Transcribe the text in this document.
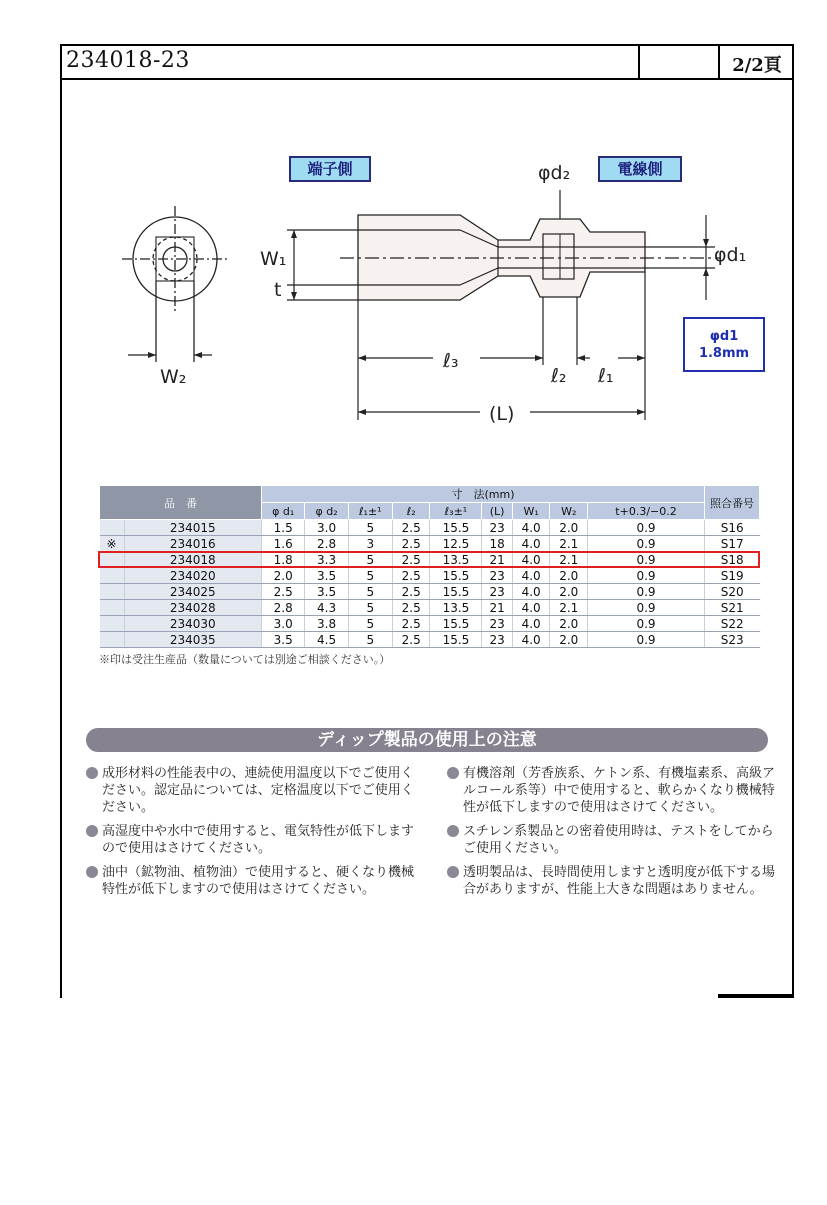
234018-23	2/2頁
端子側	電線側
W₁
t
W₂
φd₁
φd₂
ℓ₃
ℓ₂ ℓ₁
(L)
φd1
1.8mm
品　番		寸　法(mm)									照合番号
		φ d₁	φ d₂	ℓ₁±¹	ℓ₂	ℓ₃±¹	(L)	W₁	W₂	t+0.3/−0.2	
	234015	1.5	3.0	5	2.5	15.5	23	4.0	2.0	0.9	S16
※	234016	1.6	2.8	3	2.5	12.5	18	4.0	2.1	0.9	S17
	234018	1.8	3.3	5	2.5	13.5	21	4.0	2.1	0.9	S18
	234020	2.0	3.5	5	2.5	15.5	23	4.0	2.0	0.9	S19
	234025	2.5	3.5	5	2.5	15.5	23	4.0	2.0	0.9	S20
	234028	2.8	4.3	5	2.5	13.5	21	4.0	2.1	0.9	S21
	234030	3.0	3.8	5	2.5	15.5	23	4.0	2.0	0.9	S22
	234035	3.5	4.5	5	2.5	15.5	23	4.0	2.0	0.9	S23
※印は受注生産品（数量については別途ご相談ください。）
ディップ製品の使用上の注意

成形材料の性能表中の、連続使用温度以下でご使用ください。認定品については、定格温度以下でご使用ください。

高湿度中や水中で使用すると、電気特性が低下しますので使用はさけてください。

油中（鉱物油、植物油）で使用すると、硬くなり機械特性が低下しますので使用はさけてください。

有機溶剤（芳香族系、ケトン系、有機塩素系、高級アルコール系等）中で使用すると、軟らかくなり機械特性が低下しますので使用はさけてください。

スチレン系製品との密着使用時は、テストをしてからご使用ください。

透明製品は、長時間使用しますと透明度が低下する場合がありますが、性能上大きな問題はありません。
